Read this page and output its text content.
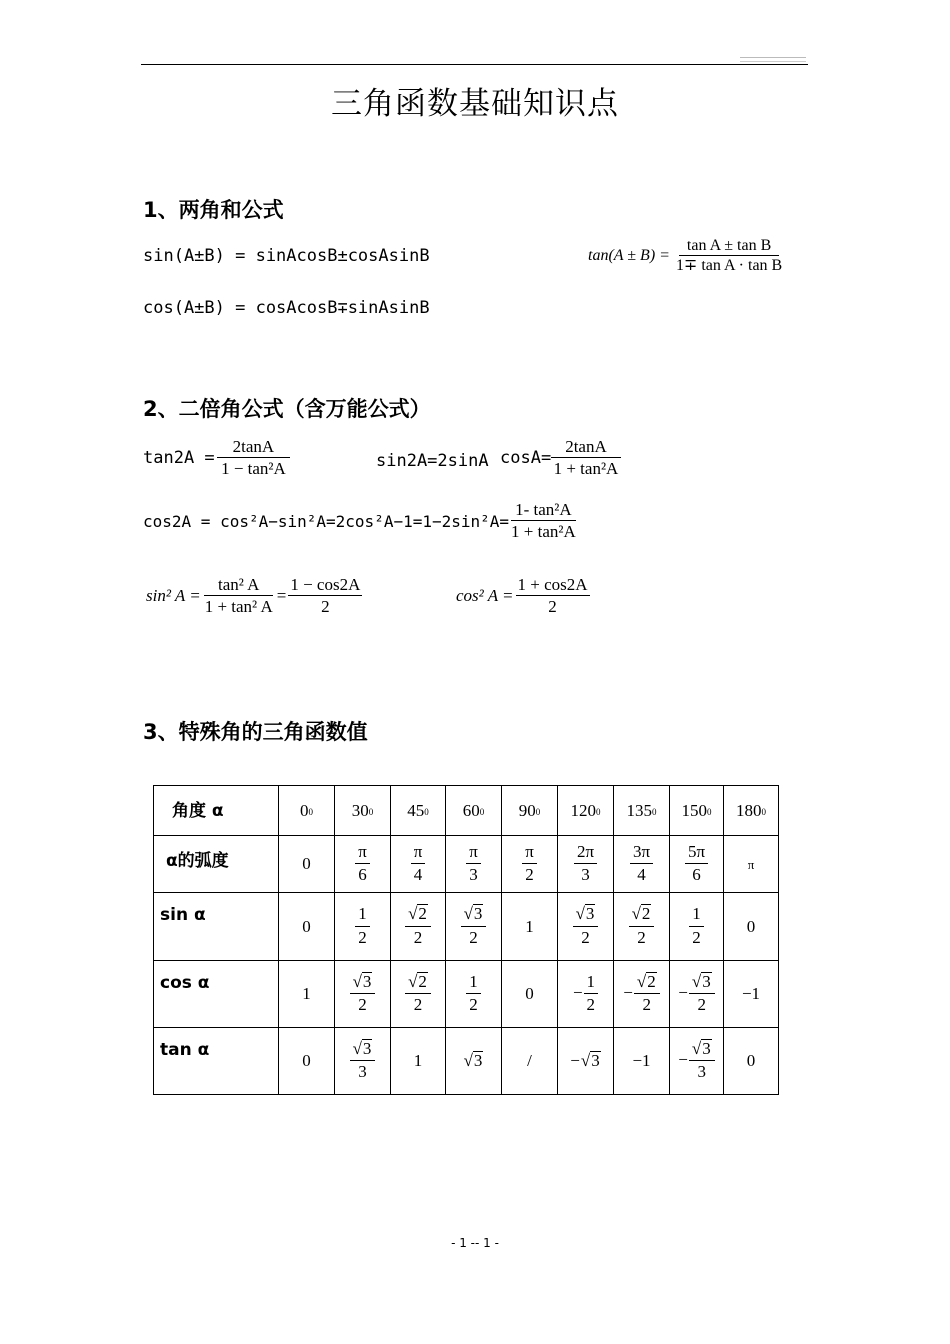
三角函数基础知识点
1、两角和公式
sin(A±B) = sinAcosB±cosAsinB
cos(A±B) = cosAcosB∓sinAsinB
$\tan(A \pm B) = \frac{\text{tan A ± tan B}}{\text{1∓ tan A · tan B}}$
2、二倍角公式（含万能公式）
$\tan 2A = \frac{2\tan A}{\text{1 − tan²A}}$	sin2A=2sinA $\cos A= \frac{2\tan A}{\text{1 + tan²A}}$
$\cos 2A = \cos^2A-\sin^2A=2\cos^2A-1=1-2\sin^2A= \frac{\text{1- tan²A}}{\text{1 + tan²A}}$
sin² $A = \frac{\text{tan² A}}{\text{1 + tan² A}} = \frac{1 - \cos 2A}{2}$	cos² $A = \frac{1 + \cos 2A}{2}$
3、特殊角的三角函数值
角度 α	00	300	450	600	900	1200	1350	1500	1800
α的弧度	0	$\frac{\pi}{6}$	$\frac{\pi}{4}$	$\frac{\pi}{3}$	$\frac{\pi}{2}$	$\frac{2\pi}{3}$	$\frac{3\pi}{4}$	$\frac{5\pi}{6}$	π
sin α	0	$\frac{1}{2}$	$\frac{√2}{2}$	$\frac{√3}{2}$	1	$\frac{√3}{2}$	$\frac{√2}{2}$	$\frac{1}{2}$	0
cos α	1	$\frac{√3}{2}$	$\frac{√2}{2}$	$\frac{1}{2}$	0	− $\frac{1}{2}$	− $\frac{√2}{2}$	− $\frac{√3}{2}$	−1
tan α	0	$\frac{√3}{3}$	1	√3	/	−√3	−1	− $\frac{√3}{3}$	0
- 1 -- 1 -
